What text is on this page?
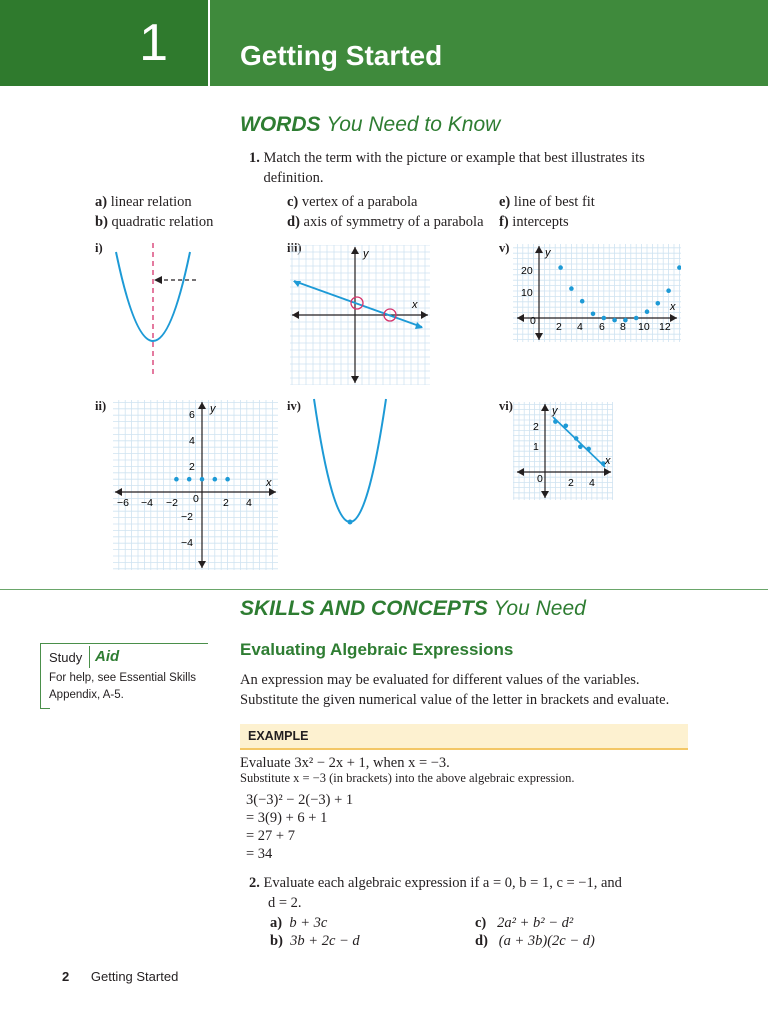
1	Getting Started
WORDS You Need to Know
1. Match the term with the picture or example that best illustrates its definition.
a) linear relation
b) quadratic relation
c) vertex of a parabola
d) axis of symmetry of a parabola
e) line of best fit
f) intercepts
i)
ii)
iii)
iv)
v)
vi)
y
x
6
4
2
−2
−4
−6 −4 −2 0 2 4
y
x
y
x
20
10
0 2 4 6 8 10 12
y
x
2
1
0 2 4
SKILLS AND CONCEPTS You Need
Study Aid
For help, see Essential Skills
Appendix, A-5.
Evaluating Algebraic Expressions
An expression may be evaluated for different values of the variables.
Substitute the given numerical value of the letter in brackets and evaluate.
EXAMPLE
Evaluate 3x² − 2x + 1, when x = −3.
Substitute x = −3 (in brackets) into the above algebraic expression.
3(−3)² − 2(−3) + 1
= 3(9) + 6 + 1
= 27 + 7
= 34
2. Evaluate each algebraic expression if a = 0, b = 1, c = −1, and
d = 2.
a) b + 3c
b) 3b + 2c − d
c) 2a² + b² − d²
d) (a + 3b)(2c − d)
2 Getting Started
